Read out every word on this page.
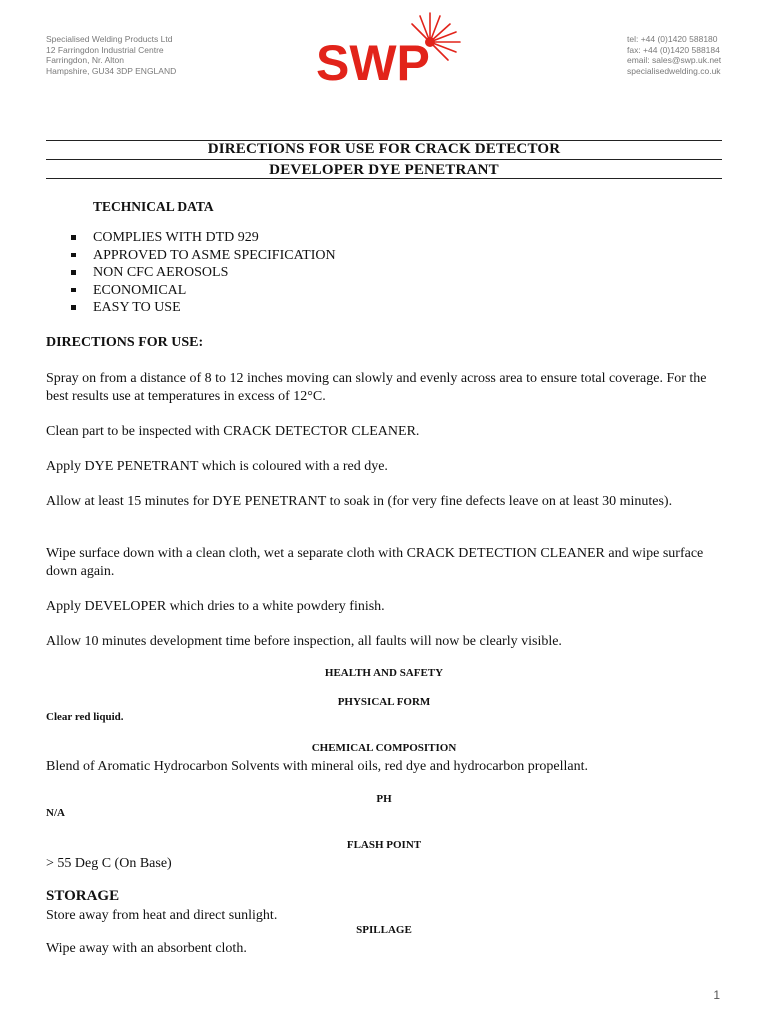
Specialised Welding Products Ltd
12 Farringdon Industrial Centre
Farringdon, Nr. Alton
Hampshire, GU34 3DP ENGLAND	SWP	tel: +44 (0)1420 588180
fax: +44 (0)1420 588184
email: sales@swp.uk.net
specialisedwelding.co.uk
DIRECTIONS FOR USE FOR CRACK DETECTOR
DEVELOPER DYE PENETRANT
TECHNICAL DATA
COMPLIES WITH DTD 929
APPROVED TO ASME SPECIFICATION
NON CFC AEROSOLS
ECONOMICAL
EASY TO USE
DIRECTIONS FOR USE:
Spray on from a distance of 8 to 12 inches moving can slowly and evenly across area to ensure total coverage. For the best results use at temperatures in excess of 12°C.
Clean part to be inspected with CRACK DETECTOR CLEANER.
Apply DYE PENETRANT which is coloured with a red dye.
Allow at least 15 minutes for DYE PENETRANT to soak in (for very fine defects leave on at least 30 minutes).
Wipe surface down with a clean cloth, wet a separate cloth with CRACK DETECTION CLEANER and wipe surface down again.
Apply DEVELOPER which dries to a white powdery finish.
Allow 10 minutes development time before inspection, all faults will now be clearly visible.
HEALTH AND SAFETY
PHYSICAL FORM
Clear red liquid.
CHEMICAL COMPOSITION
Blend of Aromatic Hydrocarbon Solvents with mineral oils, red dye and hydrocarbon propellant.
PH
N/A
FLASH POINT
> 55 Deg C (On Base)
STORAGE
Store away from heat and direct sunlight.
SPILLAGE
Wipe away with an absorbent cloth.
1
